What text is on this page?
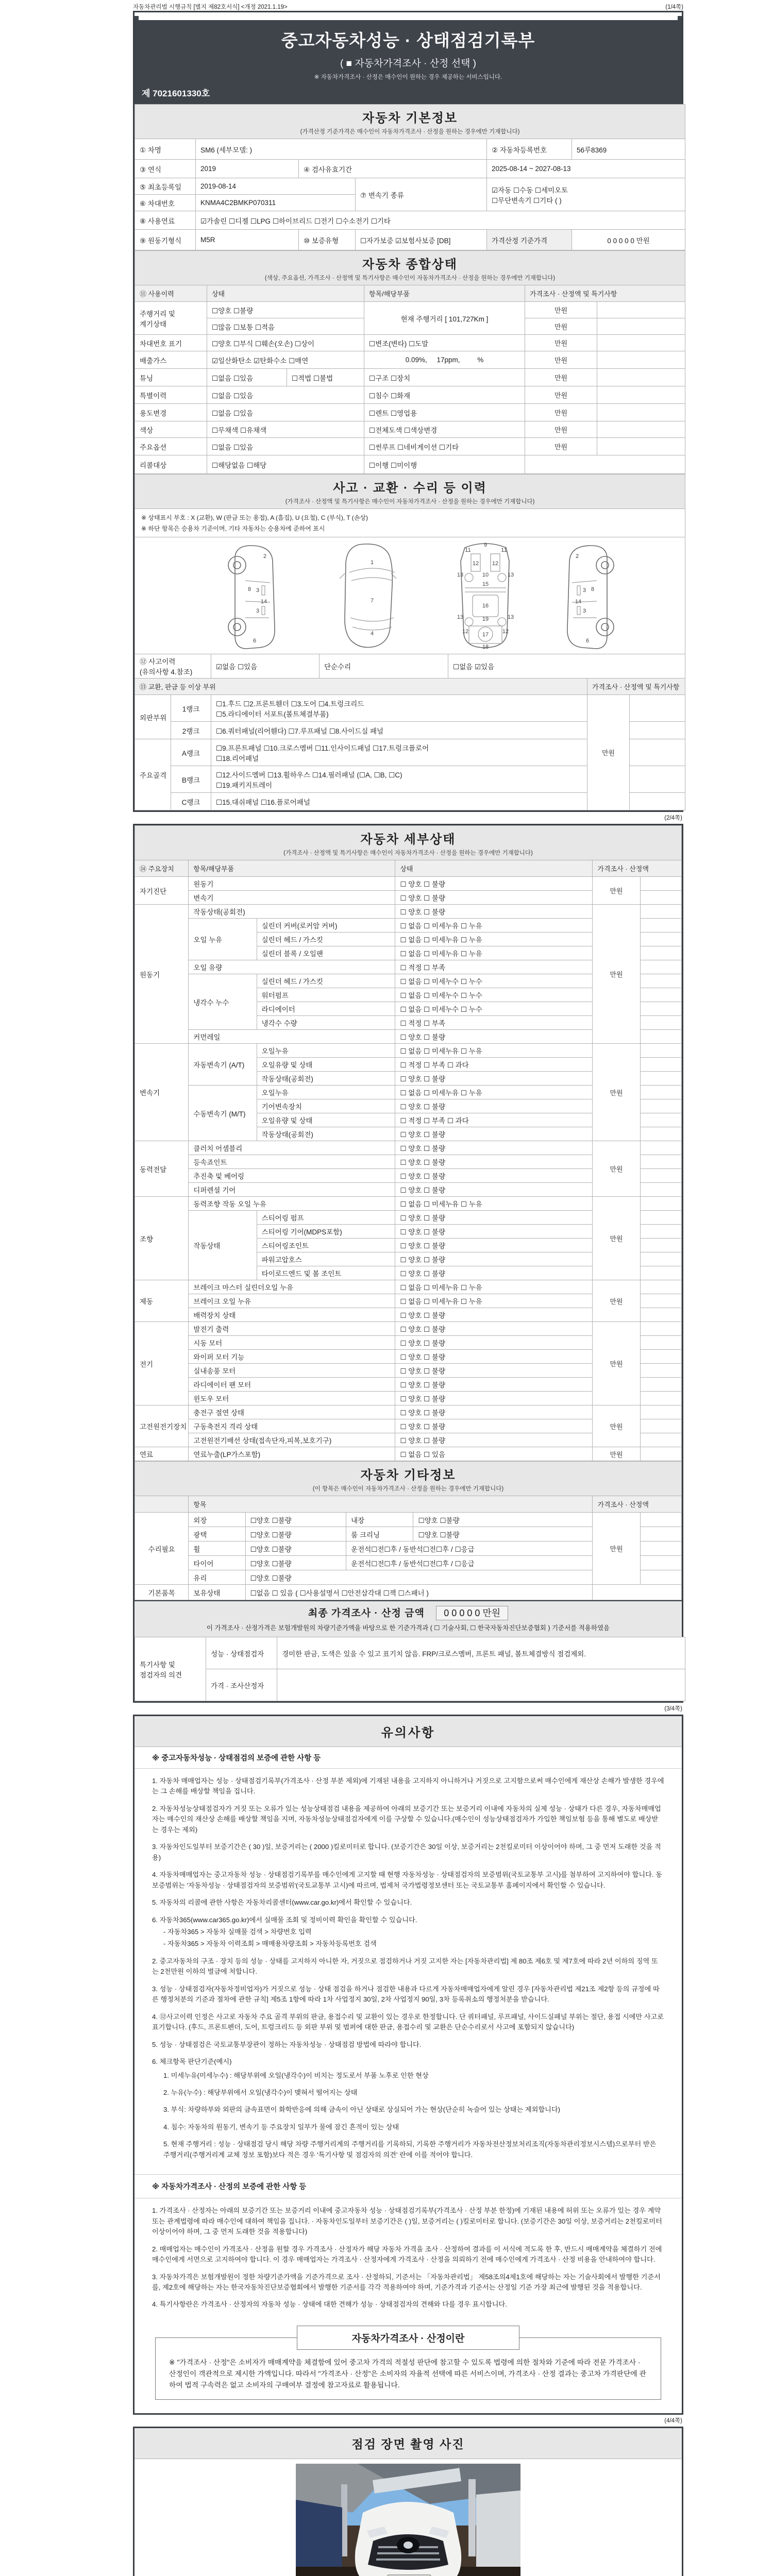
자동차관리법 시행규칙 [별지 제82호서식] <개정 2021.1.19>	(1/4쪽)
중고자동차성능 · 상태점검기록부
( ■ 자동차가격조사 · 산정 선택 )
※ 자동차가격조사 · 산정은 매수인이 원하는 경우 제공하는 서비스입니다.
제 7021601330호
자동차 기본정보
(가격산정 기준가격은 매수인이 자동차가격조사 · 산정을 원하는 경우에만 기재합니다)					

① 차명	SM6 (세부모델: )			② 자동차등록번호	56루8369
③ 연식	2019	④ 검사유효기간		2025-08-14 ~ 2027-08-13	
⑤ 최초등록일	2019-08-14		⑦ 변속기 종류	☑자동 ☐수동 ☐세미오토
☐무단변속기 ☐기타 ( )	

⑥ 차대번호	KNMA4C2BMKP070311				
⑧ 사용연료	☑가솔린 ☐디젤 ☐LPG ☐하이브리드 ☐전기 ☐수소전기 ☐기타				
⑨ 원동기형식	M5R	⑩ 보증유형	☐자가보증 ☑보험사보증 [DB]	가격산정 기준가격	0 0 0 0 0 만원
자동차 종합상태
(색상, 주요옵션, 가격조사 · 산정액 및 특기사항은 매수인이 자동차가격조사 · 산정을 원하는 경우에만 기재합니다)					

⑪ 사용이력	상태		항목/해당부품	가격조사 · 산정액 및 특기사항	
주행거리 및 계기상태	☐양호 ☐불량		현재 주행거리 [ 101,727Km ]	만원	
	☐많음 ☐보통 ☐적음			만원	
차대번호 표기	☐양호 ☐부식 ☐훼손(오손) ☐상이		☐변조(변타) ☐도말	만원	
배출가스	☑일산화탄소 ☑탄화수소 ☐매연		0.09%,     17ppm,         %	만원	
튜닝	☐없음 ☐있음	☐적법 ☐불법	☐구조 ☐장치	만원	
특별이력	☐없음 ☐있음		☐침수 ☐화재	만원	
용도변경	☐없음 ☐있음		☐렌트 ☐영업용	만원	
색상	☐무채색 ☐유채색		☐전체도색 ☐색상변경	만원	
주요옵션	☐없음 ☐있음		☐썬루프 ☐네비게이션 ☐기타	만원	
리콜대상	☐해당없음 ☐해당		☐이행 ☐미이행		
사고 · 교환 · 수리 등 이력
(가격조사 · 산정액 및 특기사항은 매수인이 자동차가격조사 · 산정을 원하는 경우에만 기재합니다)						

※ 상태표시 부호 : X (교환), W (판금 또는 용접), A (흠집), U (요철), C (부식), T (손상)
※ 하단 항목은 승용차 기준이며, 기타 자동차는 승용차에 준하여 표시						

2
3
3
8
14
6
1
7
4
9
11	11
12 12
13	13
10
15
16
13	13
19
12 17 12
18
2
3
3
8
14
6

⑫ 사고이력 (유의사항 4.참조)		☑없음 ☐있음	단순수리	☐없음 ☑있음		
⑬ 교환, 판금 등 이상 부위					가격조사 · 산정액 및 특기사항	
외판부위	1랭크	☐1.후드 ☐2.프론트휀더 ☐3.도어 ☐4.트렁크리드
☐5.라디에이터 서포트(볼트체결부품)			만원	
	2랭크	☐6.쿼터패널(리어휀다) ☐7.루프패널 ☐8.사이드실 패널				
주요골격	A랭크	☐9.프론트패널 ☐10.크로스멤버 ☐11.인사이드패널 ☐17.트렁크플로어
☐18.리어패널				

	B랭크	☐12.사이드멤버 ☐13.휠하우스 ☐14.필러패널 (☐A, ☐B, ☐C)
☐19.패키지트레이				

	C랭크	☐15.대쉬패널 ☐16.플로어패널				
(2/4쪽)
자동차 세부상태
(가격조사 · 산정액 및 특기사항은 매수인이 자동차가격조사 · 산정을 원하는 경우에만 기재합니다)					

⑭ 주요장치	항목/해당부품		상태	가격조사 · 산정액	
자기진단	원동기		☐ 양호 ☐ 불량	만원	
	변속기		☐ 양호 ☐ 불량		
원동기	작동상태(공회전)		☐ 양호 ☐ 불량	만원	
	오일 누유	실린더 커버(로커암 커버)	☐ 없음 ☐ 미세누유 ☐ 누유		
		실린더 헤드 / 가스킷	☐ 없음 ☐ 미세누유 ☐ 누유		
		실린더 블록 / 오일팬	☐ 없음 ☐ 미세누유 ☐ 누유		
	오일 유량		☐ 적정 ☐ 부족		
	냉각수 누수	실린더 헤드 / 가스킷	☐ 없음 ☐ 미세누수 ☐ 누수		
		워터펌프	☐ 없음 ☐ 미세누수 ☐ 누수		
		라디에이터	☐ 없음 ☐ 미세누수 ☐ 누수		
		냉각수 수량	☐ 적정 ☐ 부족		
	커먼레일		☐ 양호 ☐ 불량		
변속기	자동변속기 (A/T)	오일누유	☐ 없음 ☐ 미세누유 ☐ 누유	만원	
		오일유량 및 상태	☐ 적정 ☐ 부족 ☐ 과다		
		작동상태(공회전)	☐ 양호 ☐ 불량		
	수동변속기 (M/T)	오일누유	☐ 없음 ☐ 미세누유 ☐ 누유		
		기어변속장치	☐ 양호 ☐ 불량		
		오일유량 및 상태	☐ 적정 ☐ 부족 ☐ 과다		
		작동상태(공회전)	☐ 양호 ☐ 불량		
동력전달	클러치 어셈블리		☐ 양호 ☐ 불량	만원	
	등속죠인트		☐ 양호 ☐ 불량		
	추진축 및 베어링		☐ 양호 ☐ 불량		
	디퍼렌셜 기어		☐ 양호 ☐ 불량		
조향	동력조향 작동 오일 누유		☐ 없음 ☐ 미세누유 ☐ 누유	만원	
	작동상태	스티어링 펌프	☐ 양호 ☐ 불량		
		스티어링 기어(MDPS포함)	☐ 양호 ☐ 불량		
		스티어링조인트	☐ 양호 ☐ 불량		
		파워고압호스	☐ 양호 ☐ 불량		
		타이로드엔드 및 볼 조인트	☐ 양호 ☐ 불량		
제동	브레이크 마스터 실린더오일 누유		☐ 없음 ☐ 미세누유 ☐ 누유	만원	
	브레이크 오일 누유		☐ 없음 ☐ 미세누유 ☐ 누유		
	배력장치 상태		☐ 양호 ☐ 불량		
전기	발전기 출력		☐ 양호 ☐ 불량	만원	
	시동 모터		☐ 양호 ☐ 불량		
	와이퍼 모터 기능		☐ 양호 ☐ 불량		
	실내송풍 모터		☐ 양호 ☐ 불량		
	라디에이터 팬 모터		☐ 양호 ☐ 불량		
	윈도우 모터		☐ 양호 ☐ 불량		
고전원전기장치	충전구 절연 상태		☐ 양호 ☐ 불량	만원	
	구동축전지 격리 상태		☐ 양호 ☐ 불량		
	고전원전기배선 상태(접속단자,피복,보호기구)		☐ 양호 ☐ 불량		
연료	연료누출(LP가스포함)		☐ 없음 ☐ 있음	만원	
자동차 기타정보
(이 항목은 매수인이 자동차가격조사 · 산정을 원하는 경우에만 기재합니다)						

	항목				가격조사 · 산정액	
수리필요	외장	☐양호 ☐불량	내장	☐양호 ☐불량	만원	
	광택	☐양호 ☐불량	룸 크리닝	☐양호 ☐불량		
	휠	☐양호 ☐불량	운전석☐전☐후 / 동반석☐전☐후 / ☐응급			
	타이어	☐양호 ☐불량	운전석☐전☐후 / 동반석☐전☐후 / ☐응급			
	유리	☐양호 ☐불량				
기본품목	보유상태	☐없음 ☐ 있음 ( ☐사용설명서 ☐안전삼각대 ☐잭 ☐스패너 )				
최종 가격조사 · 산정 금액 0 0 0 0 0 만원
이 가격조사 · 산정가격은 보험개발원의 차량기준가액을 바탕으로 한 기준가격과 ( ☐ 기술사회, ☐ 한국자동차진단보증협회 ) 기준서를 적용하였음
특기사항 및 점검자의 의견	성능 · 상태점검자	경미한 판금, 도색은 있을 수 있고 표기치 않음. FRP/크로스멤버, 프론트 패널, 볼트체결방식 점검제외.
	가격 · 조사산정자	
(3/4쪽)
유의사항
※ 중고자동차성능 · 상태점검의 보증에 관한 사항 등
1. 자동차 매매업자는 성능 · 상태점검기록부(가격조사 · 산정 부분 제외)에 기재된 내용을 고지하지 아니하거나 거짓으로 고지함으로써 매수인에게 재산상 손해가 발생한 경우에는 그 손해를 배상할 책임을 집니다.
2. 자동차성능상태점검자가 거짓 또는 오류가 있는 성능상태점검 내용을 제공하여 아래의 보증기간 또는 보증거리 이내에 자동차의 실제 성능 · 상태가 다른 경우, 자동차매매업자는 매수인의 재산상 손해를 배상할 책임을 지며, 자동차성능상태점검자에게 이를 구상할 수 있습니다.(매수인이 성능상태점검자가 가입한 책임보험 등을 통해 별도로 배상받는 경우는 제외)
3. 자동차인도일부터 보증기간은 ( 30 )일, 보증거리는 ( 2000 )킬로미터로 합니다. (보증기간은 30일 이상, 보증거리는 2천킬로미터 이상이어야 하며, 그 중 먼저 도래한 것을 적용)
4. 자동차매매업자는 중고자동차 성능 · 상태점검기록부를 매수인에게 고지할 때 현행 자동차성능 · 상태점검자의 보증범위(국토교통부 고시)를 첨부하여 고지하여야 합니다. 동 보증범위는 '자동차성능 · 상태점검자의 보증범위'(국토교통부 고시)에 따르며, 법제처 국가법령정보센터 또는 국토교통부 홈페이지에서 확인할 수 있습니다.
5. 자동차의 리콜에 관한 사항은 자동차리콜센터(www.car.go.kr)에서 확인할 수 있습니다.
6. 자동차365(www.car365.go.kr)에서 실매물 조회 및 정비이력 확인을 확인할 수 있습니다.
- 자동차365 > 자동차 실매물 검색 > 차량번호 입력
- 자동차365 > 자동차 이력조회 > 매매용차량조회 > 자동차등록번호 검색
2. 중고자동차의 구조 · 장치 등의 성능 · 상태를 고지하지 아니한 자, 거짓으로 점검하거나 거짓 고지한 자는 [자동차관리법] 제 80조 제6호 및 제7호에 따라 2년 이하의 징역 또는 2천만원 이하의 벌금에 처합니다.
3. 성능 · 상태점검자(자동차정비업자)가 거짓으로 성능 · 상태 점검을 하거나 점검한 내용과 다르게 자동차매매업자에게 알린 경우 [자동차관리법 제21조 제2항 등의 규정에 따른 행정처분의 기준과 절차에 관한 규칙] 제5조 1항에 따라 1차 사업정지 30일, 2차 사업정지 90일, 3차 등록취소의 행정처분을 받습니다.
4. ⑫사고이력 인정은 사고로 자동차 주요 골격 부위의 판금, 용접수리 및 교환이 있는 경우로 한정합니다. 단 쿼터패널, 루프패널, 사이드실패널 부위는 절단, 용접 시에만 사고로 표기합니다. (후드, 프론트펜더, 도어, 트렁크리드 등 외판 부위 및 범퍼에 대한 판금, 용접수리 및 교환은 단순수리로서 사고에 포함되지 않습니다)
5. 성능 · 상태점검은 국토교통부장관이 정하는 자동차성능 · 상태점검 방법에 따라야 합니다.
6. 체크항목 판단기준(예시)
1. 미세누유(미세누수) : 해당부위에 오일(냉각수)이 비치는 정도로서 부품 노후로 인한 현상
2. 누유(누수) : 해당부위에서 오일(냉각수)이 맺혀서 떨어지는 상태
3. 부식: 차량하부와 외판의 금속표면이 화학반응에 의해 금속이 아닌 상태로 상실되어 가는 현상(단순히 녹슬어 있는 상태는 제외합니다)
4. 침수: 자동차의 원동기, 변속기 등 주요장치 일부가 물에 잠긴 흔적이 있는 상태
5. 현재 주행거리 : 성능 · 상태점검 당시 해당 차량 주행거리계의 주행거리를 기록하되, 기록한 주행거리가 자동차전산정보처리조직(자동차관리정보시스템)으로부터 받은 주행거리(주행거리계 교체 정보 포함)보다 적은 경우 '특기사항 및 점검자의 의견' 란에 이를 적어야 합니다.
※ 자동차가격조사 · 산정의 보증에 관한 사항 등
1. 가격조사 · 산정자는 아래의 보증기간 또는 보증거리 이내에 중고자동차 성능 · 상태점검기록부(가격조사 · 산정 부분 한정)에 기재된 내용에 허위 또는 오류가 있는 경우 계약 또는 관계법령에 따라 매수인에 대하여 책임을 집니다. · 자동차인도일부터 보증기간은 ( )일, 보증거리는 ( )킬로미터로 합니다. (보증기간은 30일 이상, 보증거리는 2천킬로미터 이상이어야 하며, 그 중 먼저 도래한 것을 적용합니다)
2. 매매업자는 매수인이 가격조사 · 산정을 원할 경우 가격조사 · 산정자가 해당 자동차 가격을 조사 · 산정하여 결과를 이 서식에 적도록 한 후, 반드시 매매계약을 체결하기 전에 매수인에게 서면으로 고지하여야 합니다. 이 경우 매매업자는 가격조사 · 산정자에게 가격조사 · 산정을 의뢰하기 전에 매수인에게 가격조사 · 산정 비용을 안내하여야 합니다.
3. 자동차가격은 보험개발원이 정한 차량기준가액을 기준가격으로 조사 · 산정하되, 기준서는 「자동차관리법」 제58조의4제1호에 해당하는 자는 기술사회에서 발행한 기준서를, 제2호에 해당하는 자는 한국자동차진단보증협회에서 발행한 기준서를 각각 적용하여야 하며, 기준가격과 기준서는 산정일 기준 가장 최근에 발행된 것을 적용합니다.
4. 특기사항란은 가격조사 · 산정자의 자동차 성능 · 상태에 대한 견해가 성능 · 상태점검자의 견해와 다를 경우 표시합니다.
자동차가격조사 · 산정이란
※ "가격조사 · 산정"은 소비자가 매매계약을 체결함에 있어 중고차 가격의 적절성 판단에 참고할 수 있도록 법령에 의한 절차와 기준에 따라 전문 가격조사 · 산정인이 객관적으로 제시한 가액입니다. 따라서 "가격조사 · 산정"은 소비자의 자율적 선택에 따른 서비스이며, 가격조사 · 산정 결과는 중고차 가격판단에 관하여 법적 구속력은 없고 소비자의 구매여부 결정에 참고자료로 활용됩니다.
(4/4쪽)
점검 장면 촬영 사진
